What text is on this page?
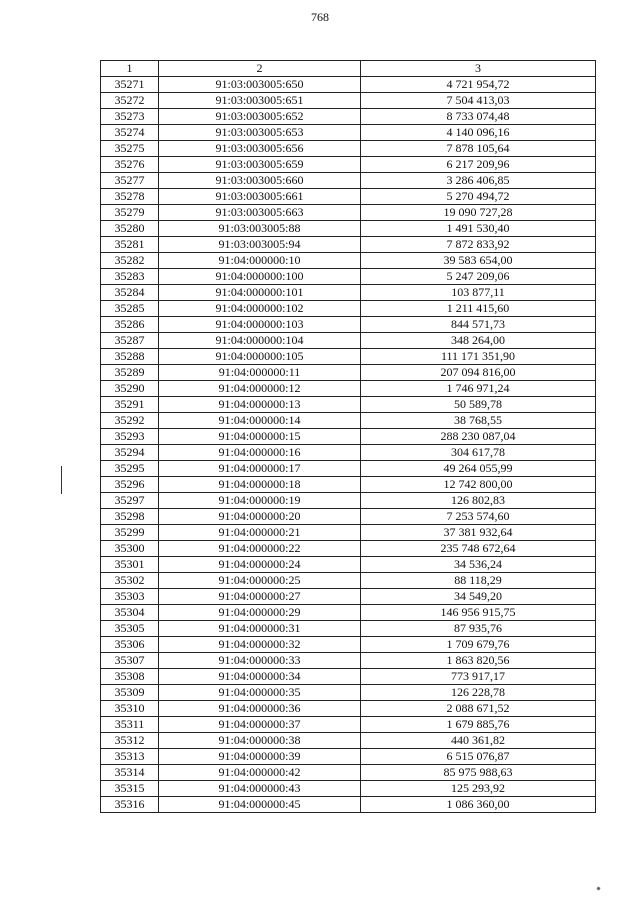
768
1	2	3
35271	91:03:003005:650	4 721 954,72
35272	91:03:003005:651	7 504 413,03
35273	91:03:003005:652	8 733 074,48
35274	91:03:003005:653	4 140 096,16
35275	91:03:003005:656	7 878 105,64
35276	91:03:003005:659	6 217 209,96
35277	91:03:003005:660	3 286 406,85
35278	91:03:003005:661	5 270 494,72
35279	91:03:003005:663	19 090 727,28
35280	91:03:003005:88	1 491 530,40
35281	91:03:003005:94	7 872 833,92
35282	91:04:000000:10	39 583 654,00
35283	91:04:000000:100	5 247 209,06
35284	91:04:000000:101	103 877,11
35285	91:04:000000:102	1 211 415,60
35286	91:04:000000:103	844 571,73
35287	91:04:000000:104	348 264,00
35288	91:04:000000:105	111 171 351,90
35289	91:04:000000:11	207 094 816,00
35290	91:04:000000:12	1 746 971,24
35291	91:04:000000:13	50 589,78
35292	91:04:000000:14	38 768,55
35293	91:04:000000:15	288 230 087,04
35294	91:04:000000:16	304 617,78
35295	91:04:000000:17	49 264 055,99
35296	91:04:000000:18	12 742 800,00
35297	91:04:000000:19	126 802,83
35298	91:04:000000:20	7 253 574,60
35299	91:04:000000:21	37 381 932,64
35300	91:04:000000:22	235 748 672,64
35301	91:04:000000:24	34 536,24
35302	91:04:000000:25	88 118,29
35303	91:04:000000:27	34 549,20
35304	91:04:000000:29	146 956 915,75
35305	91:04:000000:31	87 935,76
35306	91:04:000000:32	1 709 679,76
35307	91:04:000000:33	1 863 820,56
35308	91:04:000000:34	773 917,17
35309	91:04:000000:35	126 228,78
35310	91:04:000000:36	2 088 671,52
35311	91:04:000000:37	1 679 885,76
35312	91:04:000000:38	440 361,82
35313	91:04:000000:39	6 515 076,87
35314	91:04:000000:42	85 975 988,63
35315	91:04:000000:43	125 293,92
35316	91:04:000000:45	1 086 360,00
